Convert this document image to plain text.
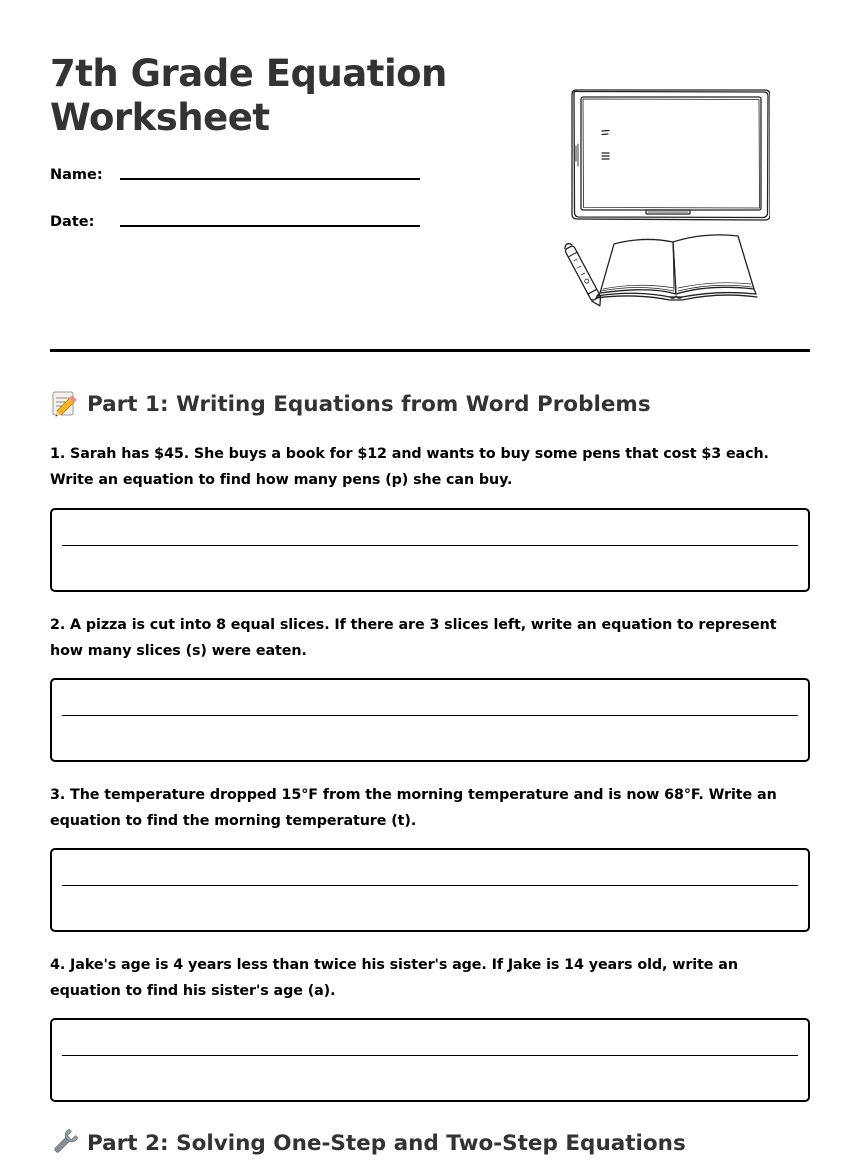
7th Grade Equation
Worksheet
Name:
Date:
Part 1: Writing Equations from Word Problems

1. Sarah has $45. She buys a book for $12 and wants to buy some pens that cost $3 each. Write an equation to find how many pens (p) she can buy.

2. A pizza is cut into 8 equal slices. If there are 3 slices left, write an equation to represent how many slices (s) were eaten.

3. The temperature dropped 15°F from the morning temperature and is now 68°F. Write an equation to find the morning temperature (t).

4. Jake's age is 4 years less than twice his sister's age. If Jake is 14 years old, write an equation to find his sister's age (a).

Part 2: Solving One-Step and Two-Step Equations
